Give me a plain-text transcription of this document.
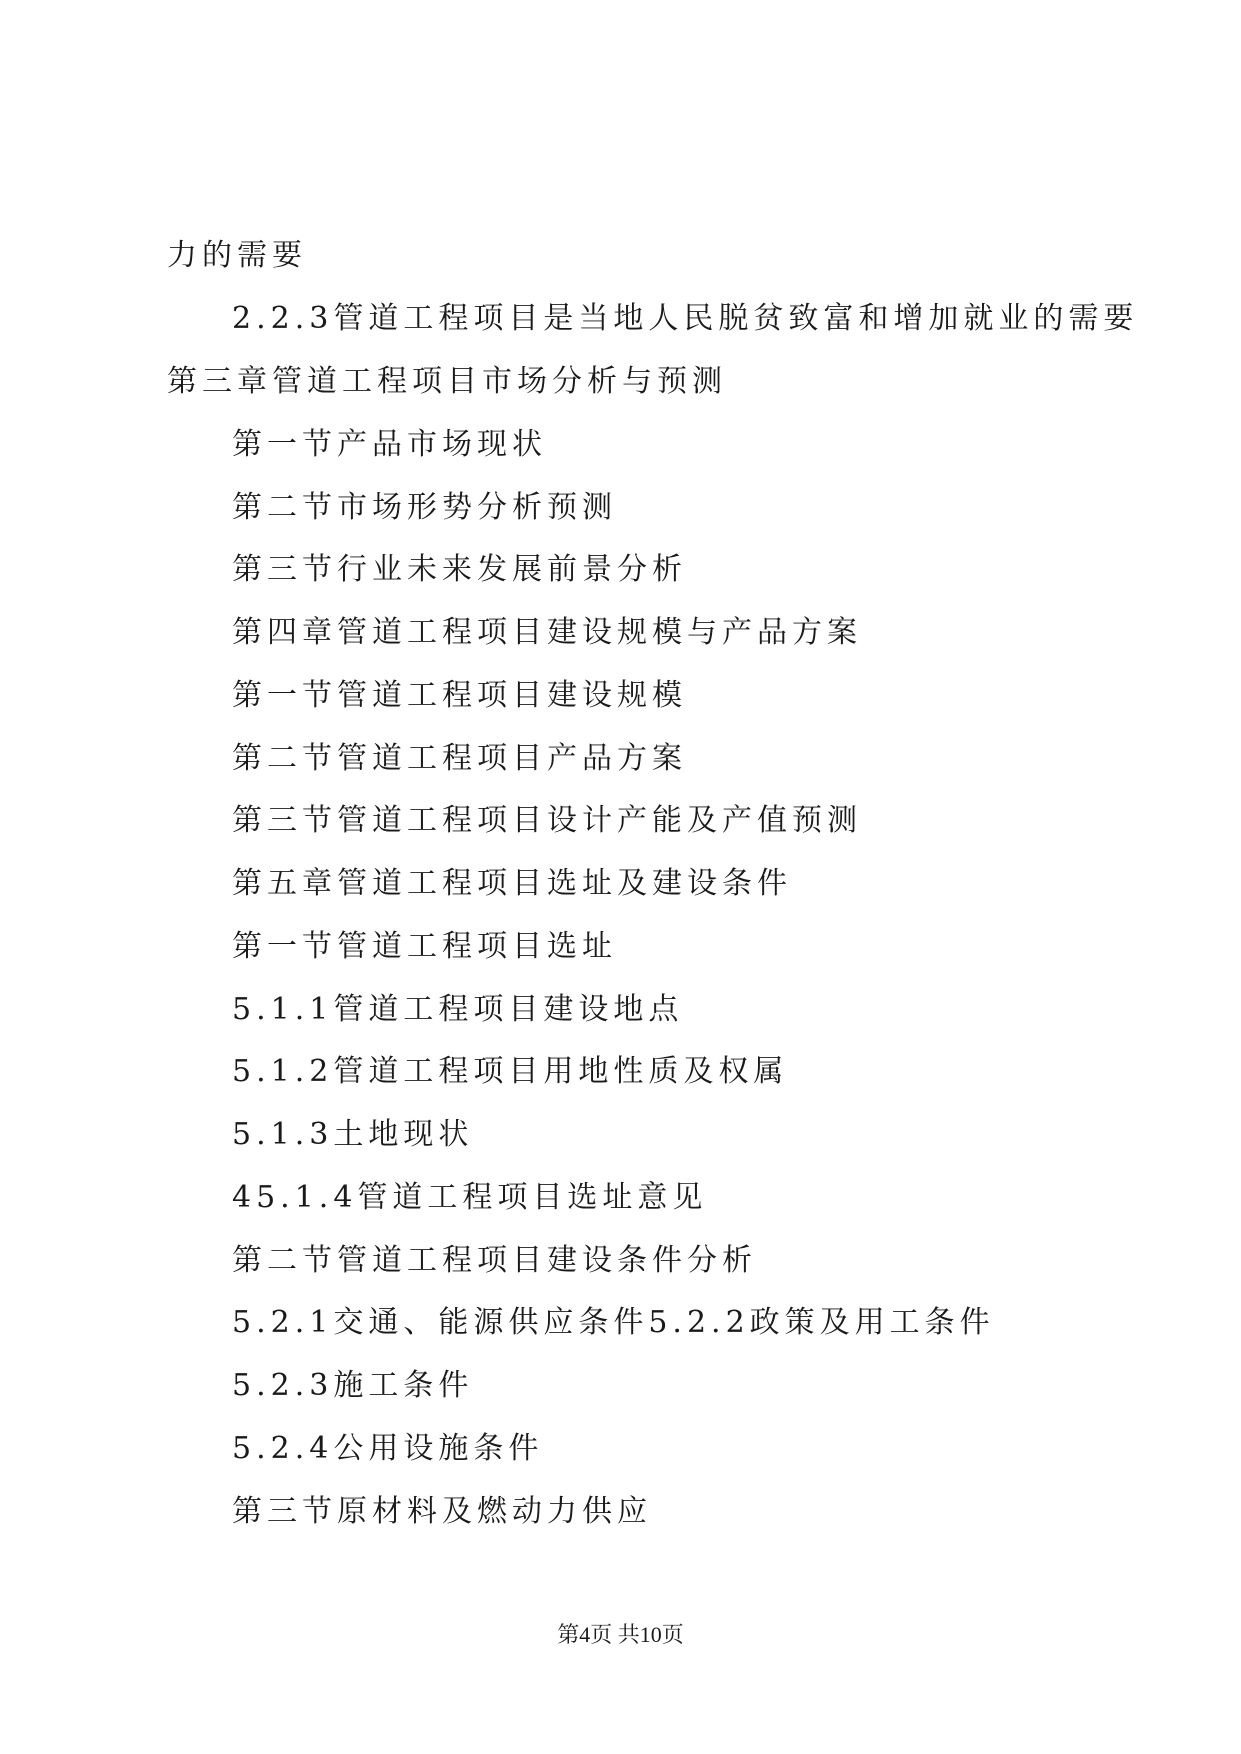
力的需要
2.2.3管道工程项目是当地人民脱贫致富和增加就业的需要
第三章管道工程项目市场分析与预测
第一节产品市场现状
第二节市场形势分析预测
第三节行业未来发展前景分析
第四章管道工程项目建设规模与产品方案
第一节管道工程项目建设规模
第二节管道工程项目产品方案
第三节管道工程项目设计产能及产值预测
第五章管道工程项目选址及建设条件
第一节管道工程项目选址
5.1.1管道工程项目建设地点
5.1.2管道工程项目用地性质及权属
5.1.3土地现状
45.1.4管道工程项目选址意见
第二节管道工程项目建设条件分析
5.2.1交通、能源供应条件5.2.2政策及用工条件
5.2.3施工条件
5.2.4公用设施条件
第三节原材料及燃动力供应
第4页 共10页
